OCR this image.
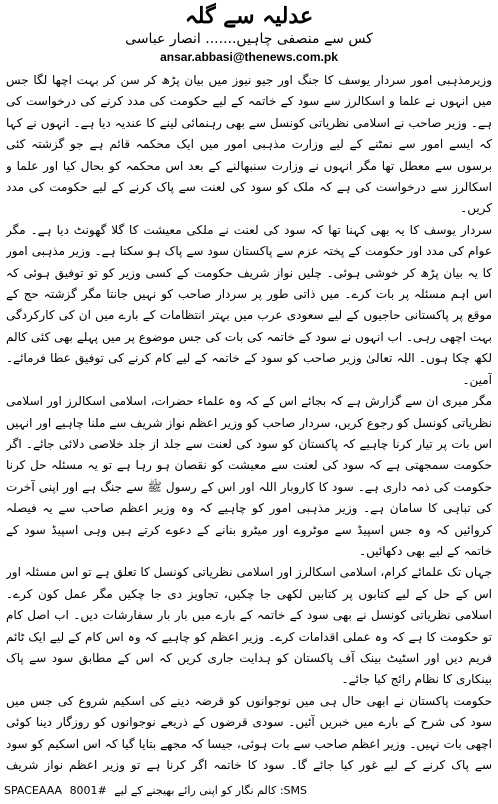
عدلیہ سے گلہ
کس سے منصفی چاہیں....... انصار عباسی
ansar.abbasi@thenews.com.pk

وزیرمذہبی امور سردار یوسف کا جنگ اور جیو نیوز میں بیان پڑھ کر سن کر بہت اچھا لگا جس میں انہوں نے علما و اسکالرز سے سود کے خاتمہ کے لیے حکومت کی مدد کرنے کی درخواست کی ہے۔ وزیر صاحب نے اسلامی نظریاتی کونسل سے بھی رہنمائی لینے کا عندیہ دیا ہے۔ انہوں نے کہا کہ ایسے امور سے نمٹنے کے لیے وزارت مذہبی امور میں ایک محکمہ قائم ہے جو گزشتہ کئی برسوں سے معطل تھا مگر انہوں نے وزارت سنبھالنے کے بعد اس محکمہ کو بحال کیا اور علما و اسکالرز سے درخواست کی ہے کہ ملک کو سود کی لعنت سے پاک کرنے کے لیے حکومت کی مدد کریں۔

سردار یوسف کا یہ بھی کہنا تھا کہ سود کی لعنت نے ملکی معیشت کا گلا گھونٹ دیا ہے۔ مگر عوام کی مدد اور حکومت کے پختہ عزم سے پاکستان سود سے پاک ہو سکتا ہے۔ وزیر مذہبی امور کا یہ بیان پڑھ کر خوشی ہوئی۔ چلیں نواز شریف حکومت کے کسی وزیر کو تو توفیق ہوئی کہ اس اہم مسئلہ پر بات کرے۔ میں ذاتی طور پر سردار صاحب کو نہیں جانتا مگر گزشتہ حج کے موقع پر پاکستانی حاجیوں کے لیے سعودی عرب میں بہتر انتظامات کے بارے میں ان کی کارکردگی بہت اچھی رہی۔ اب انہوں نے سود کے خاتمہ کی بات کی جس موضوع پر میں پہلے بھی کئی کالم لکھ چکا ہوں۔ اللہ تعالیٰ وزیر صاحب کو سود کے خاتمہ کے لیے کام کرنے کی توفیق عطا فرمائے۔ آمین۔

مگر میری ان سے گزارش ہے کہ بجائے اس کے کہ وہ علماء حضرات، اسلامی اسکالرز اور اسلامی نظریاتی کونسل کو رجوع کریں، سردار صاحب کو وزیر اعظم نواز شریف سے ملنا چاہیے اور انہیں اس بات پر تیار کرنا چاہیے کہ پاکستان کو سود کی لعنت سے جلد از جلد خلاصی دلائی جائے۔ اگر حکومت سمجھتی ہے کہ سود کی لعنت سے معیشت کو نقصان ہو رہا ہے تو یہ مسئلہ حل کرنا حکومت کی ذمہ داری ہے۔ سود کا کاروبار اللہ اور اس کے رسول ﷺ سے جنگ ہے اور اپنی آخرت کی تباہی کا سامان ہے۔ وزیر مذہبی امور کو چاہیے کہ وہ وزیر اعظم صاحب سے یہ فیصلہ کروائیں کہ وہ جس اسپیڈ سے موٹروے اور میٹرو بنانے کے دعوے کرتے ہیں وہی اسپیڈ سود کے خاتمہ کے لیے بھی دکھائیں۔

جہاں تک علمائے کرام، اسلامی اسکالرز اور اسلامی نظریاتی کونسل کا تعلق ہے تو اس مسئلہ اور اس کے حل کے لیے کتابوں پر کتابیں لکھی جا چکیں، تجاویز دی جا چکیں مگر عمل کون کرے۔ اسلامی نظریاتی کونسل نے بھی سود کے خاتمہ کے بارے میں بار بار سفارشات دیں۔ اب اصل کام تو حکومت کا ہے کہ وہ عملی اقدامات کرے۔ وزیر اعظم کو چاہیے کہ وہ اس کام کے لیے ایک ٹائم فریم دیں اور اسٹیٹ بینک آف پاکستان کو ہدایت جاری کریں کہ اس کے مطابق سود سے پاک بینکاری کا نظام رائج کیا جائے۔

حکومت پاکستان نے ابھی حال ہی میں نوجوانوں کو قرضہ دینے کی اسکیم شروع کی جس میں سود کی شرح کے بارے میں خبریں آئیں۔ سودی قرضوں کے ذریعے نوجوانوں کو روزگار دینا کوئی اچھی بات نہیں۔ وزیر اعظم صاحب سے بات ہوئی، جیسا کہ مجھے بتایا گیا کہ اس اسکیم کو سود سے پاک کرنے کے لیے غور کیا جائے گا۔ سود کا خاتمہ اگر کرنا ہے تو وزیر اعظم نواز شریف

SMS: کالم نگار کو اپنی رائے بھیجنے کے لیے #SPACEAAA 8001
